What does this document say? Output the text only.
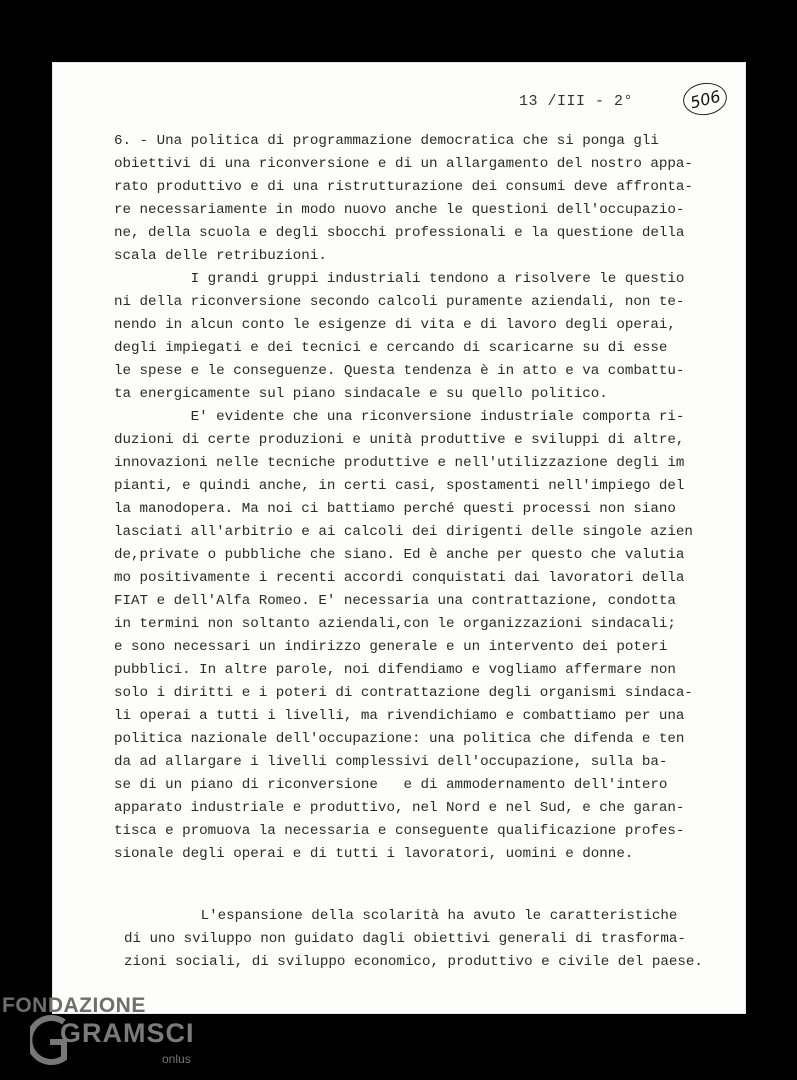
13 /III - 2°	506
6. - Una politica di programmazione democratica che si ponga gli
obiettivi di una riconversione e di un allargamento del nostro appa-
rato produttivo e di una ristrutturazione dei consumi deve affronta-
re necessariamente in modo nuovo anche le questioni dell'occupazio-
ne, della scuola e degli sbocchi professionali e la questione della
scala delle retribuzioni.
I grandi gruppi industriali tendono a risolvere le questio
ni della riconversione secondo calcoli puramente aziendali, non te-
nendo in alcun conto le esigenze di vita e di lavoro degli operai,
degli impiegati e dei tecnici e cercando di scaricarne su di esse
le spese e le conseguenze. Questa tendenza è in atto e va combattu-
ta energicamente sul piano sindacale e su quello politico.
E' evidente che una riconversione industriale comporta ri-
duzioni di certe produzioni e unità produttive e sviluppi di altre,
innovazioni nelle tecniche produttive e nell'utilizzazione degli im
pianti, e quindi anche, in certi casi, spostamenti nell'impiego del
la manodopera. Ma noi ci battiamo perché questi processi non siano
lasciati all'arbitrio e ai calcoli dei dirigenti delle singole azien
de,private o pubbliche che siano. Ed è anche per questo che valutia
mo positivamente i recenti accordi conquistati dai lavoratori della
FIAT e dell'Alfa Romeo. E' necessaria una contrattazione, condotta
in termini non soltanto aziendali,con le organizzazioni sindacali;
e sono necessari un indirizzo generale e un intervento dei poteri
pubblici. In altre parole, noi difendiamo e vogliamo affermare non
solo i diritti e i poteri di contrattazione degli organismi sindaca-
li operai a tutti i livelli, ma rivendichiamo e combattiamo per una
politica nazionale dell'occupazione: una politica che difenda e ten
da ad allargare i livelli complessivi dell'occupazione, sulla ba-
se di un piano di riconversione   e di ammodernamento dell'intero
apparato industriale e produttivo, nel Nord e nel Sud, e che garan-
tisca e promuova la necessaria e conseguente qualificazione profes-
sionale degli operai e di tutti i lavoratori, uomini e donne.
L'espansione della scolarità ha avuto le caratteristiche
di uno sviluppo non guidato dagli obiettivi generali di trasforma-
zioni sociali, di sviluppo economico, produttivo e civile del paese.
FONDAZIONE
GRAMSCI
onlus
